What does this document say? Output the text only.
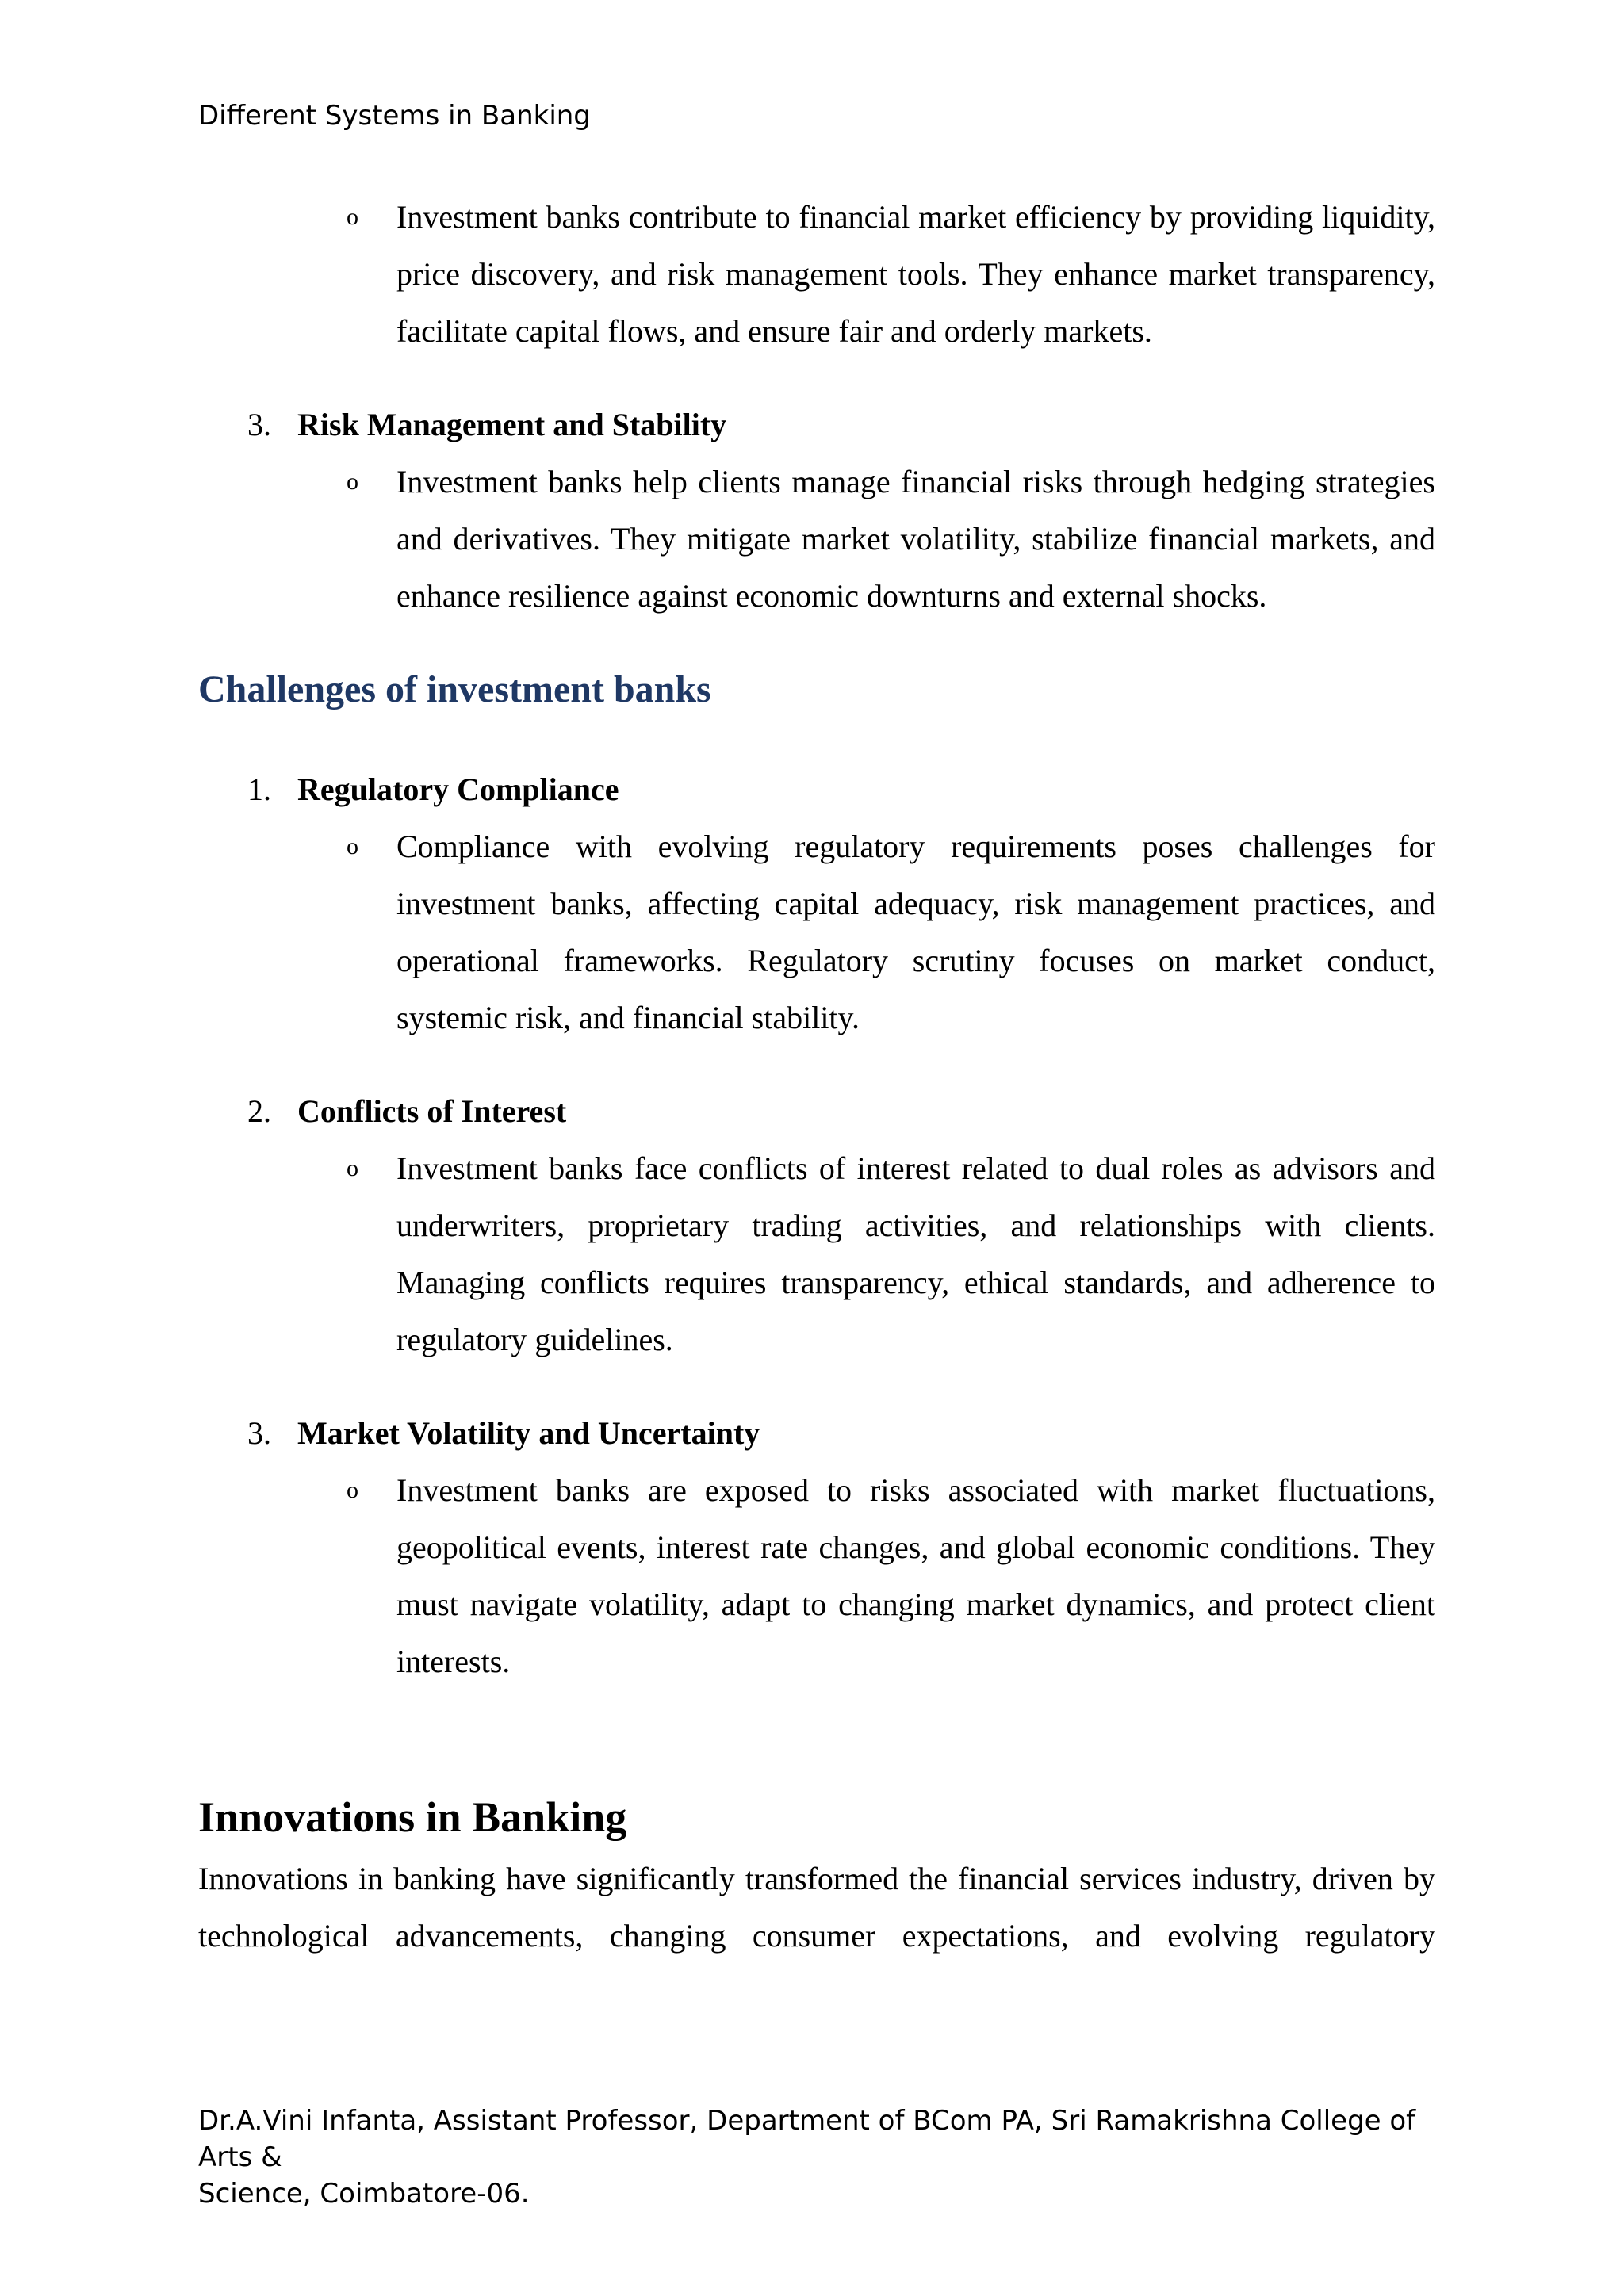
Different Systems in Banking
o Investment banks contribute to financial market efficiency by providing liquidity, price discovery, and risk management tools. They enhance market transparency, facilitate capital flows, and ensure fair and orderly markets.
3. Risk Management and Stability
o Investment banks help clients manage financial risks through hedging strategies and derivatives. They mitigate market volatility, stabilize financial markets, and enhance resilience against economic downturns and external shocks.
Challenges of investment banks
1. Regulatory Compliance
o Compliance with evolving regulatory requirements poses challenges for investment banks, affecting capital adequacy, risk management practices, and operational frameworks. Regulatory scrutiny focuses on market conduct, systemic risk, and financial stability.
2. Conflicts of Interest
o Investment banks face conflicts of interest related to dual roles as advisors and underwriters, proprietary trading activities, and relationships with clients. Managing conflicts requires transparency, ethical standards, and adherence to regulatory guidelines.
3. Market Volatility and Uncertainty
o Investment banks are exposed to risks associated with market fluctuations, geopolitical events, interest rate changes, and global economic conditions. They must navigate volatility, adapt to changing market dynamics, and protect client interests.
Innovations in Banking
Innovations in banking have significantly transformed the financial services industry, driven by technological advancements, changing consumer expectations, and evolving regulatory
Dr.A.Vini Infanta, Assistant Professor, Department of BCom PA, Sri Ramakrishna College of Arts &
Science, Coimbatore-06.
